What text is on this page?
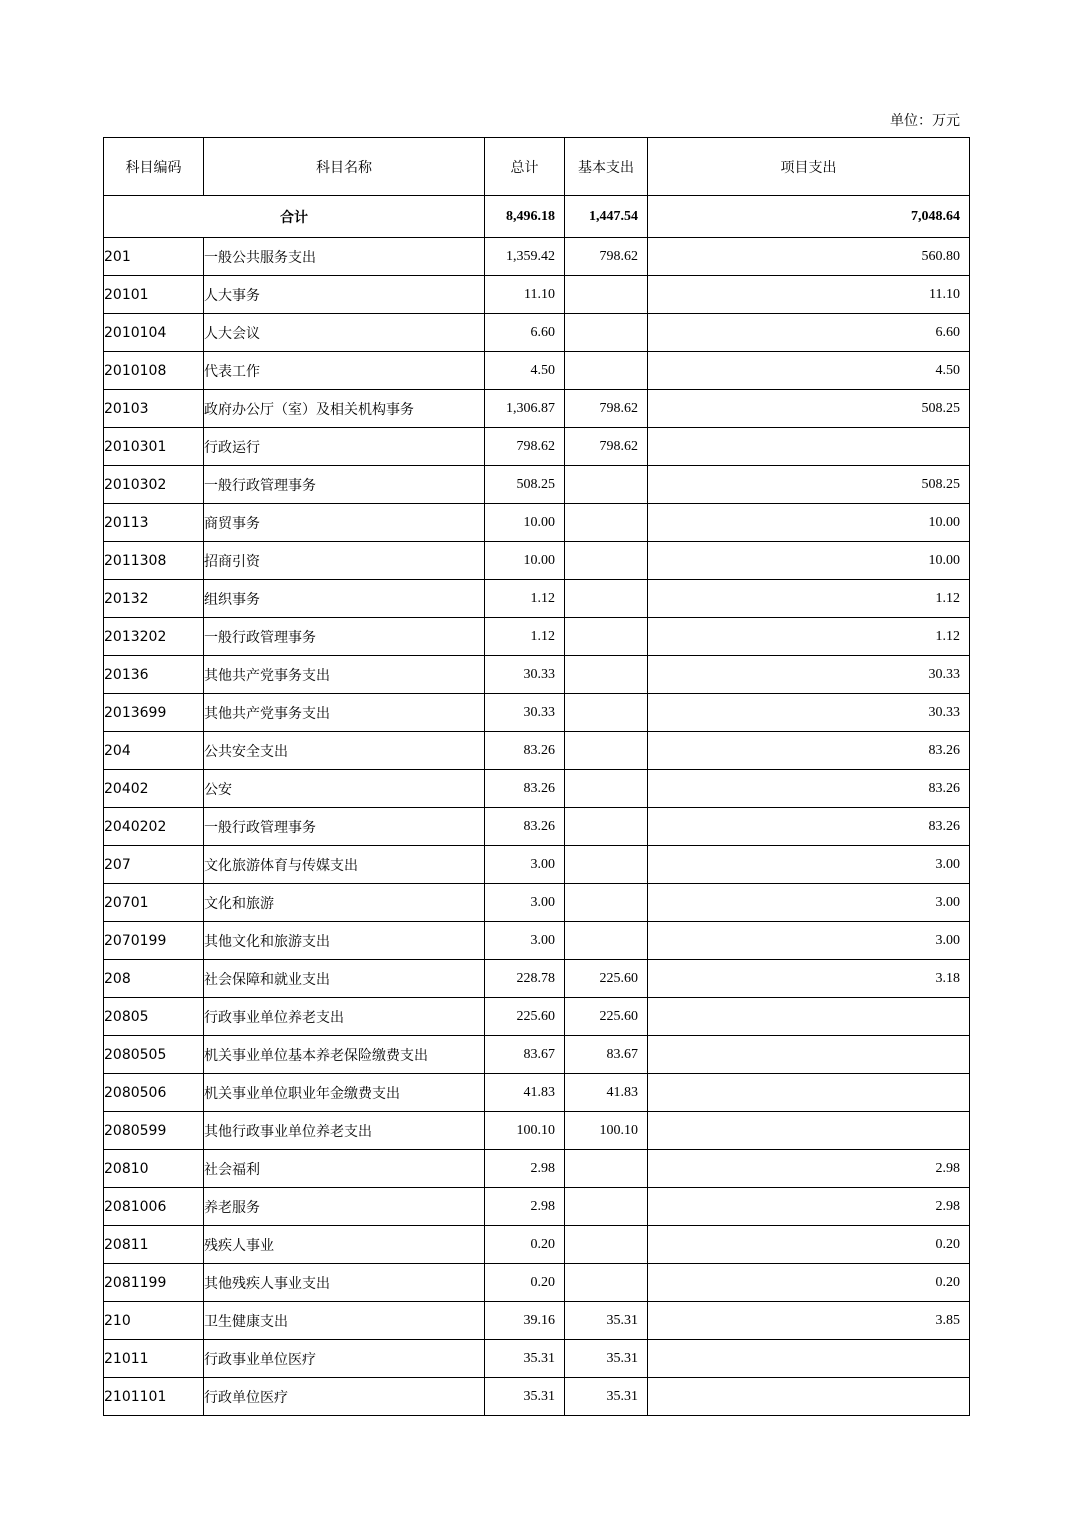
单位：万元
科目编码	科目名称	总计	基本支出	项目支出
合计		8,496.18	1,447.54	7,048.64
201	一般公共服务支出	1,359.42	798.62	560.80
20101	人大事务	11.10		11.10
2010104	人大会议	6.60		6.60
2010108	代表工作	4.50		4.50
20103	政府办公厅（室）及相关机构事务	1,306.87	798.62	508.25
2010301	行政运行	798.62	798.62	
2010302	一般行政管理事务	508.25		508.25
20113	商贸事务	10.00		10.00
2011308	招商引资	10.00		10.00
20132	组织事务	1.12		1.12
2013202	一般行政管理事务	1.12		1.12
20136	其他共产党事务支出	30.33		30.33
2013699	其他共产党事务支出	30.33		30.33
204	公共安全支出	83.26		83.26
20402	公安	83.26		83.26
2040202	一般行政管理事务	83.26		83.26
207	文化旅游体育与传媒支出	3.00		3.00
20701	文化和旅游	3.00		3.00
2070199	其他文化和旅游支出	3.00		3.00
208	社会保障和就业支出	228.78	225.60	3.18
20805	行政事业单位养老支出	225.60	225.60	
2080505	机关事业单位基本养老保险缴费支出	83.67	83.67	
2080506	机关事业单位职业年金缴费支出	41.83	41.83	
2080599	其他行政事业单位养老支出	100.10	100.10	
20810	社会福利	2.98		2.98
2081006	养老服务	2.98		2.98
20811	残疾人事业	0.20		0.20
2081199	其他残疾人事业支出	0.20		0.20
210	卫生健康支出	39.16	35.31	3.85
21011	行政事业单位医疗	35.31	35.31	
2101101	行政单位医疗	35.31	35.31	
